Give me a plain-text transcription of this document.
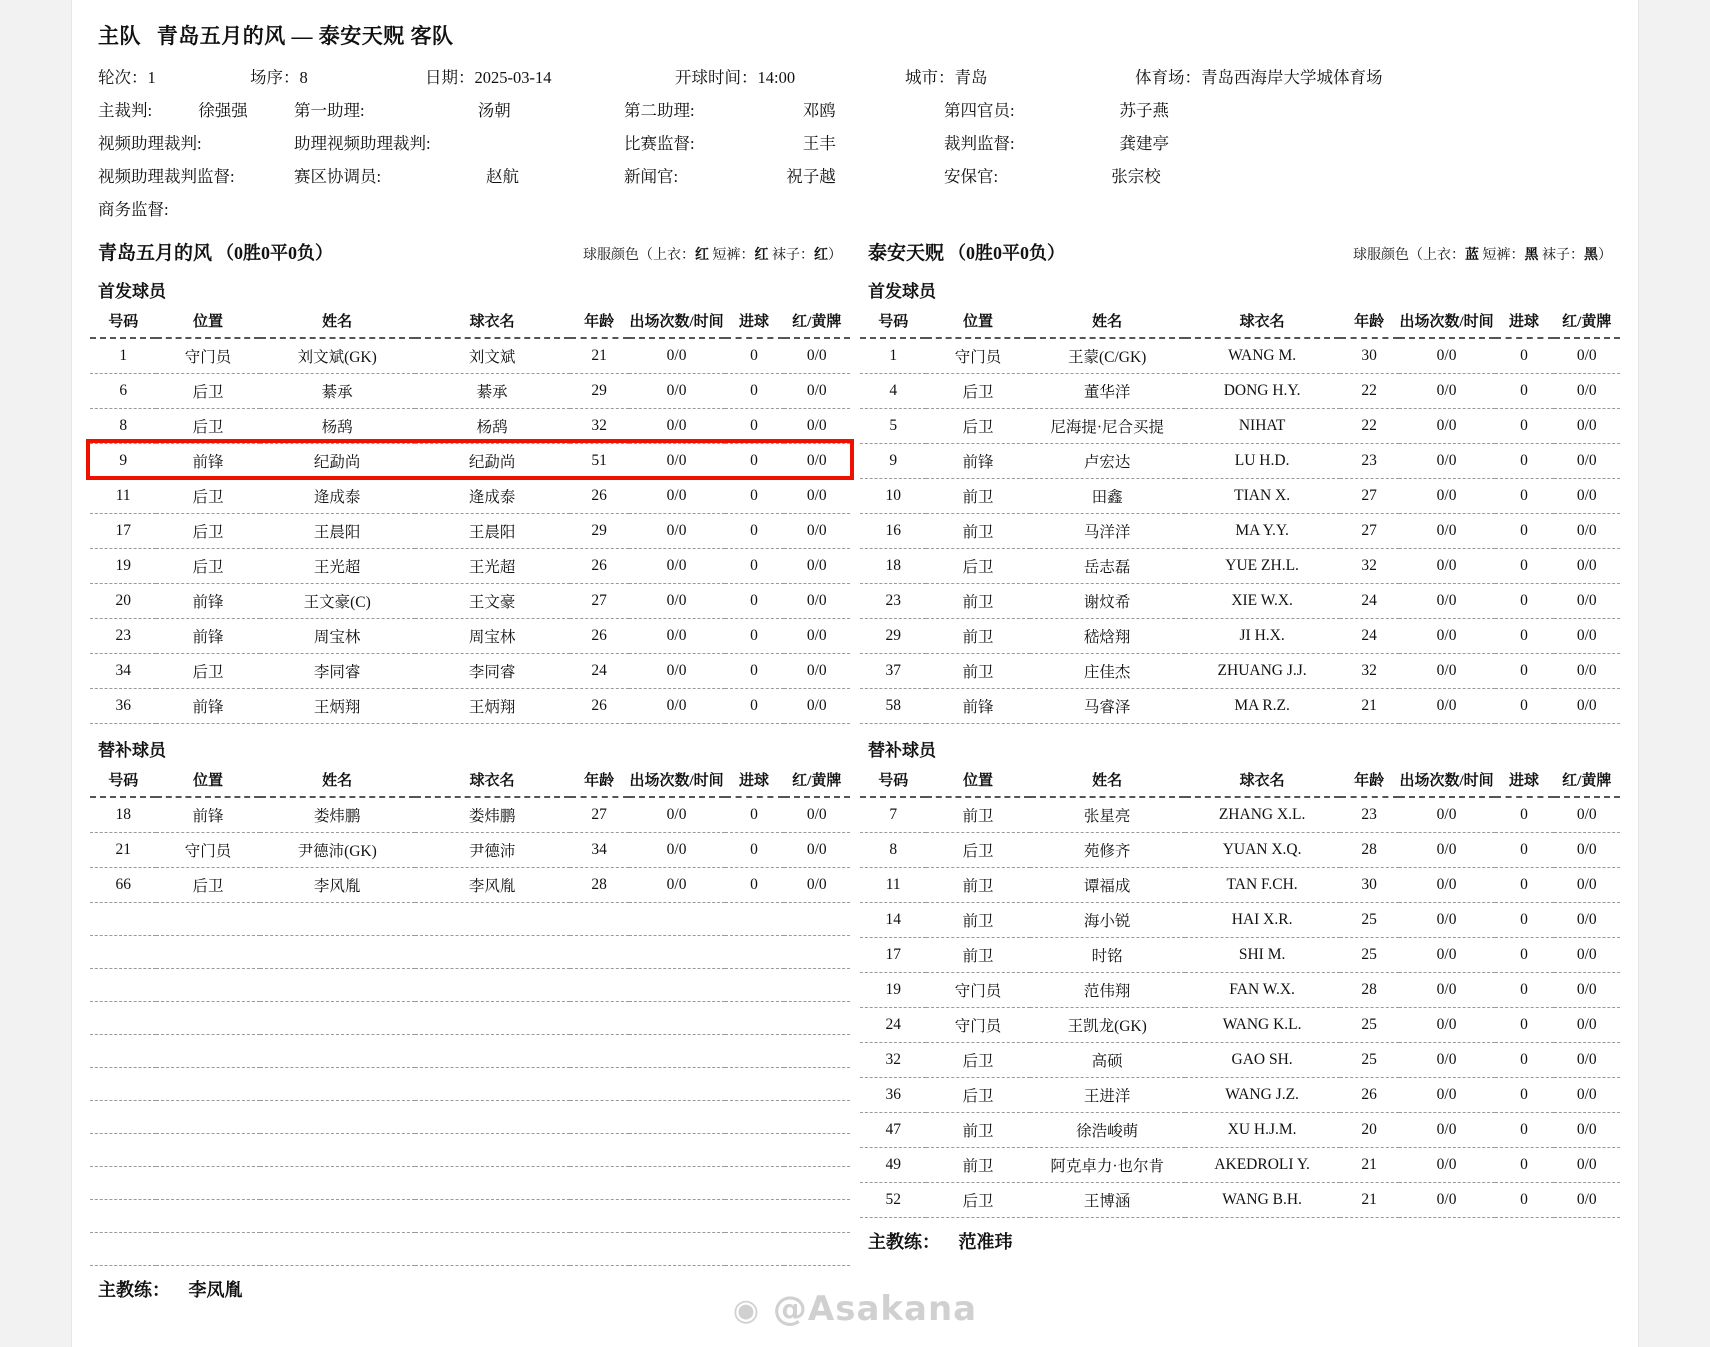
主队 青岛五月的风 — 泰安天贶 客队
轮次： 1	场序： 8	日期： 2025-03-14	开球时间： 14:00	城市： 青岛	体育场： 青岛西海岸大学城体育场
主裁判:	徐强强	第一助理:	汤朝	第二助理:	邓鸥	第四官员:	苏子燕
视频助理裁判:	助理视频助理裁判:	比赛监督:	王丰	裁判监督:	龚建亭
视频助理裁判监督:	赛区协调员:	赵航	新闻官:	祝子越	安保官:	张宗校
商务监督:
青岛五月的风 （0胜0平0负）	球服颜色（上衣：红 短裤：红 袜子：红）
首发球员
号码	位置	姓名	球衣名	年龄	出场次数/时间	进球	红/黄牌
1	守门员	刘文斌(GK)	刘文斌	21	0/0	0	0/0
6	后卫	綦承	綦承	29	0/0	0	0/0
8	后卫	杨鸹	杨鸹	32	0/0	0	0/0
9	前锋	纪勐尚	纪勐尚	51	0/0	0	0/0
11	后卫	逄成泰	逄成泰	26	0/0	0	0/0
17	后卫	王晨阳	王晨阳	29	0/0	0	0/0
19	后卫	王光超	王光超	26	0/0	0	0/0
20	前锋	王文豪(C)	王文豪	27	0/0	0	0/0
23	前锋	周宝林	周宝林	26	0/0	0	0/0
34	后卫	李同睿	李同睿	24	0/0	0	0/0
36	前锋	王炳翔	王炳翔	26	0/0	0	0/0
替补球员
号码	位置	姓名	球衣名	年龄	出场次数/时间	进球	红/黄牌
18	前锋	娄炜鹏	娄炜鹏	27	0/0	0	0/0
21	守门员	尹德沛(GK)	尹德沛	34	0/0	0	0/0
66	后卫	李风胤	李风胤	28	0/0	0	0/0

主教练： 李凤胤
泰安天贶 （0胜0平0负）	球服颜色（上衣：蓝 短裤：黑 袜子：黑）
首发球员
号码	位置	姓名	球衣名	年龄	出场次数/时间	进球	红/黄牌
1	守门员	王蒙(C/GK)	WANG M.	30	0/0	0	0/0
4	后卫	董华洋	DONG H.Y.	22	0/0	0	0/0
5	后卫	尼海提·尼合买提	NIHAT	22	0/0	0	0/0
9	前锋	卢宏达	LU H.D.	23	0/0	0	0/0
10	前卫	田鑫	TIAN X.	27	0/0	0	0/0
16	前卫	马洋洋	MA Y.Y.	27	0/0	0	0/0
18	后卫	岳志磊	YUE ZH.L.	32	0/0	0	0/0
23	前卫	谢炆希	XIE W.X.	24	0/0	0	0/0
29	前卫	嵇焓翔	JI H.X.	24	0/0	0	0/0
37	前卫	庄佳杰	ZHUANG J.J.	32	0/0	0	0/0
58	前锋	马睿泽	MA R.Z.	21	0/0	0	0/0
替补球员
号码	位置	姓名	球衣名	年龄	出场次数/时间	进球	红/黄牌
7	前卫	张星亮	ZHANG X.L.	23	0/0	0	0/0
8	后卫	苑修齐	YUAN X.Q.	28	0/0	0	0/0
11	前卫	谭福成	TAN F.CH.	30	0/0	0	0/0
14	前卫	海小锐	HAI X.R.	25	0/0	0	0/0
17	前卫	时铭	SHI M.	25	0/0	0	0/0
19	守门员	范伟翔	FAN W.X.	28	0/0	0	0/0
24	守门员	王凯龙(GK)	WANG K.L.	25	0/0	0	0/0
32	后卫	高硕	GAO SH.	25	0/0	0	0/0
36	后卫	王进洋	WANG J.Z.	26	0/0	0	0/0
47	前卫	徐浩峻萌	XU H.J.M.	20	0/0	0	0/0
49	前卫	阿克卓力·也尔肯	AKEDROLI Y.	21	0/0	0	0/0
52	后卫	王博涵	WANG B.H.	21	0/0	0	0/0
主教练： 范准玮
◉ @Asakana
